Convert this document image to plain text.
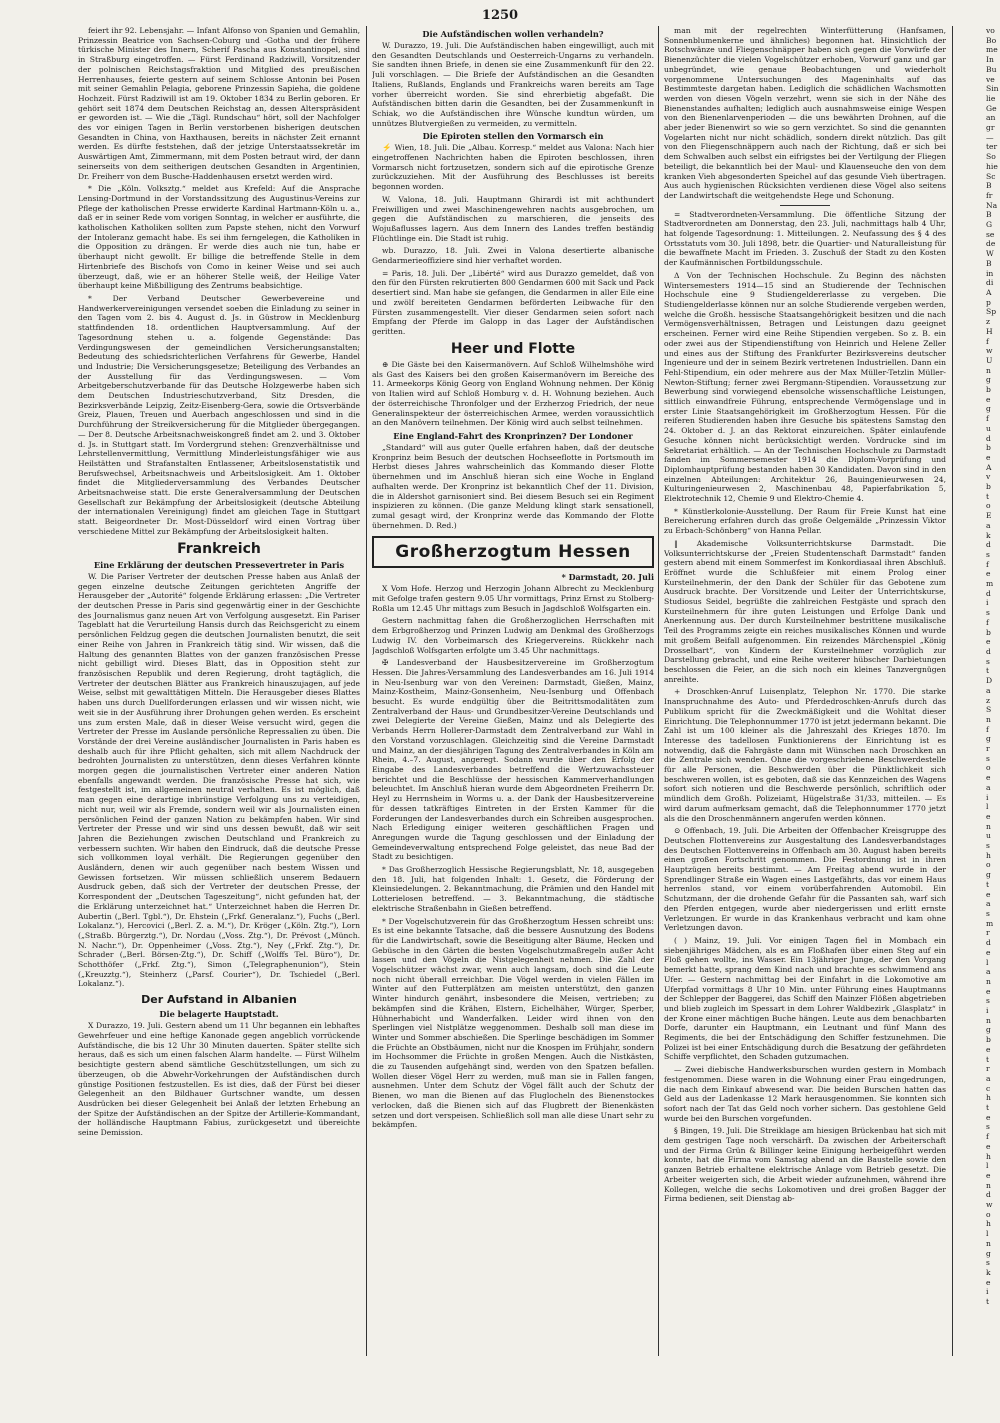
1250

feiert ihr 92. Lebensjahr. — Infant Alfonso von Spanien und Gemahlin, Prinzessin Beatrice von Sachsen-Coburg und -Gotha und der frühere türkische Minister des Innern, Scherif Pascha aus Konstantinopel, sind in Straßburg eingetroffen. — Fürst Ferdinand Radziwill, Vorsitzender der polnischen Reichstagsfraktion und Mitglied des preußischen Herrenhauses, feierte gestern auf seinem Schlosse Antonin bei Posen mit seiner Gemahlin Pelagia, geborene Prinzessin Sapieha, die goldene Hochzeit. Fürst Radziwill ist am 19. Oktober 1834 zu Berlin geboren. Er gehört seit 1874 dem Deutschen Reichstag an, dessen Alterspräsident er geworden ist. — Wie die „Tägl. Rundschau“ hört, soll der Nachfolger des vor einigen Tagen in Berlin verstorbenen bisherigen deutschen Gesandten in China, von Haxthausen, bereits in nächster Zeit ernannt werden. Es dürfte feststehen, daß der jetzige Unterstaatssekretär im Auswärtigen Amt, Zimmermann, mit dem Posten betraut wird, der dann seinerseits von dem seitherigen deutschen Gesandten in Argentinien, Dr. Freiherr von dem Busche-Haddenhausen ersetzt werden wird.

* Die „Köln. Volksztg.“ meldet aus Krefeld: Auf die Ansprache Lensing-Dortmund in der Vorstandssitzung des Augustinus-Vereins zur Pflege der katholischen Presse erwiderte Kardinal Hartmann-Köln u. a., daß er in seiner Rede vom vorigen Sonntag, in welcher er ausführte, die katholischen Katholiken sollten zum Papste stehen, nicht den Vorwurf der Intoleranz gemacht habe. Es sei ihm ferngelegen, die Katholiken in die Opposition zu drängen. Er werde dies auch nie tun, habe er überhaupt nicht gewollt. Er billige die betreffende Stelle in dem Hirtenbriefe des Bischofs von Como in keiner Weise und sei auch überzeugt, daß, wie er an höherer Stelle weiß, der Heilige Vater überhaupt keine Mißbilligung des Zentrums beabsichtige.

* Der Verband Deutscher Gewerbevereine und Handwerkervereinigungen versendet soeben die Einladung zu seiner in den Tagen vom 2. bis 4. August d. Js. in Güstrow in Mecklenburg stattfindenden 18. ordentlichen Hauptversammlung. Auf der Tagesordnung stehen u. a. folgende Gegenstände: Das Verdingungswesen der gemeindlichen Versicherungsanstalten; Bedeutung des schiedsrichterlichen Verfahrens für Gewerbe, Handel und Industrie; Die Versicherungsgesetze; Beteiligung des Verbandes an der Ausstellung für das Verdingungswesen. — Vom Arbeitgeberschutzverbande für das Deutsche Holzgewerbe haben sich dem Deutschen Industrieschutzverband, Sitz Dresden, die Bezirksverbände Leipzig, Zeitz-Eisenberg-Gera, sowie die Ortsverbände Greiz, Plauen, Treuen und Auerbach angeschlossen und sind in die Durchführung der Streikversicherung für die Mitglieder übergegangen. — Der 8. Deutsche Arbeitsnachweiskongreß findet am 2. und 3. Oktober d. Js. in Stuttgart statt. Im Vordergrund stehen: Grenzverhältnisse und Lehrstellenvermittlung, Vermittlung Minderleistungsfähiger wie aus Heilstätten und Strafanstalten Entlassener, Arbeitslosenstatistik und Berufswechsel, Arbeitsnachweis und Arbeitslosigkeit. Am 1. Oktober findet die Mitgliederversammlung des Verbandes Deutscher Arbeitsnachweise statt. Die erste Generalversammlung der Deutschen Gesellschaft zur Bekämpfung der Arbeitslosigkeit (deutsche Abteilung der internationalen Vereinigung) findet am gleichen Tage in Stuttgart statt. Beigeordneter Dr. Most-Düsseldorf wird einen Vortrag über verschiedene Mittel zur Bekämpfung der Arbeitslosigkeit halten.

Frankreich
Eine Erklärung der deutschen Pressevertreter in Paris

W. Die Pariser Vertreter der deutschen Presse haben aus Anlaß der gegen einzelne deutsche Zeitungen gerichteten Angriffe der Herausgeber der „Autorité“ folgende Erklärung erlassen: „Die Vertreter der deutschen Presse in Paris sind gegenwärtig einer in der Geschichte des Journalismus ganz neuen Art von Verfolgung ausgesetzt. Ein Pariser Tageblatt hat die Verurteilung Hansis durch das Reichsgericht zu einem persönlichen Feldzug gegen die deutschen Journalisten benutzt, die seit einer Reihe von Jahren in Frankreich tätig sind. Wir wissen, daß die Haltung des genannten Blattes von der ganzen französischen Presse nicht gebilligt wird. Dieses Blatt, das in Opposition steht zur französischen Republik und deren Regierung, droht tagtäglich, die Vertreter der deutschen Blätter aus Frankreich hinauszujagen, auf jede Weise, selbst mit gewalttätigen Mitteln. Die Herausgeber dieses Blattes haben uns durch Duellforderungen erlassen und wir wissen nicht, wie weit sie in der Ausführung ihrer Drohungen gehen werden. Es erscheint uns zum ersten Male, daß in dieser Weise versucht wird, gegen die Vertreter der Presse im Auslande persönliche Repressalien zu üben. Die Vorstände der drei Vereine ausländischer Journalisten in Paris haben es deshalb auch für ihre Pflicht gehalten, sich mit allem Nachdruck der bedrohten Journalisten zu unterstützen, denn dieses Verfahren könnte morgen gegen die journalistischen Vertreter einer anderen Nation ebenfalls angewandt werden. Die französische Presse hat sich, wie festgestellt ist, im allgemeinen neutral verhalten. Es ist möglich, daß man gegen eine derartige inbrünstige Verfolgung uns zu verteidigen, nicht nur, weil wir als Fremde, sondern weil wir als Journalisten einen persönlichen Feind der ganzen Nation zu bekämpfen haben. Wir sind Vertreter der Presse und wir sind uns dessen bewußt, daß wir seit Jahren die Beziehungen zwischen Deutschland und Frankreich zu verbessern suchten. Wir haben den Eindruck, daß die deutsche Presse sich vollkommen loyal verhält. Die Regierungen gegenüber den Ausländern, denen wir auch gegenüber nach bestem Wissen und Gewissen fortsetzen. Wir müssen schließlich unserem Bedauern Ausdruck geben, daß sich der Vertreter der deutschen Presse, der Korrespondent der „Deutschen Tageszeitung“, nicht gefunden hat, der die Erklärung unterzeichnet hat.“ Unterzeichnet haben die Herren Dr. Aubertin („Berl. Tgbl.“), Dr. Ehstein („Frkf. Generalanz.“), Fuchs („Berl. Lokalanz.“), Hercovici („Berl. Z. a. M.“), Dr. Kröger („Köln. Ztg.“), Lorn („Straßb. Bürgerztg.“), Dr. Nordau („Voss. Ztg.“), Dr. Prévost („Münch. N. Nachr.“), Dr. Oppenheimer („Voss. Ztg.“), Ney („Frkf. Ztg.“), Dr. Schrader („Berl. Börsen-Ztg.“), Dr. Schiff („Wolffs Tel. Büro“), Dr. Schotthöfer („Frkf. Ztg.“), Simon („Telegraphenunion“), Stein („Kreuzztg.“), Steinherz („Parsf. Courier“), Dr. Tschiedel („Berl. Lokalanz.“).

Der Aufstand in Albanien
Die belagerte Hauptstadt.

X Durazzo, 19. Juli. Gestern abend um 11 Uhr begannen ein lebhaftes Gewehrfeuer und eine heftige Kanonade gegen angeblich vorrückende Aufständische, die bis 12 Uhr 30 Minuten dauerten. Später stellte sich heraus, daß es sich um einen falschen Alarm handelte. — Fürst Wilhelm besichtigte gestern abend sämtliche Geschützstellungen, um sich zu überzeugen, ob die Abwehr-Vorkehrungen der Aufständischen durch günstige Positionen festzustellen. Es ist dies, daß der Fürst bei dieser Gelegenheit an den Bildhauer Gurtschner wandte, um dessen Ausdrücken bei dieser Gelegenheit bei Anlaß der letzten Erhebung an der Spitze der Aufständischen an der Spitze der Artillerie-Kommandant, der holländische Hauptmann Fabius, zurückgesetzt und übereichte seine Demission.

Die Aufständischen wollen verhandeln?

W. Durazzo, 19. Juli. Die Aufständischen haben eingewilligt, auch mit den Gesandten Deutschlands und Oesterreich-Ungarns zu verhandeln. Sie sandten ihnen Briefe, in denen sie eine Zusammenkunft für den 22. Juli vorschlagen. — Die Briefe der Aufständischen an die Gesandten Italiens, Rußlands, Englands und Frankreichs waren bereits am Tage vorher überreicht worden. Sie sind ehrerbietig abgefaßt. Die Aufständischen bitten darin die Gesandten, bei der Zusammenkunft in Schiak, wo die Aufständischen ihre Wünsche kundtun würden, um unnützes Blutvergießen zu vermeiden, zu vermitteln.

Die Epiroten stellen den Vormarsch ein

⚡ Wien, 18. Juli. Die „Albau. Korresp.“ meldet aus Valona: Nach hier eingetroffenen Nachrichten haben die Epiroten beschlossen, ihren Vormarsch nicht fortzusetzen, sondern sich auf die epirotische Grenze zurückzuziehen. Mit der Ausführung des Beschlusses ist bereits begonnen worden.

W. Valona, 18. Juli. Hauptmann Ghirardi ist mit achthundert Freiwilligen und zwei Maschinengewehren nachts ausgebrochen, um gegen die Aufständischen zu marschieren, die jenseits des Wojußaflusses lagern. Aus dem Innern des Landes treffen beständig Flüchtlinge ein. Die Stadt ist ruhig.

wb. Durazzo, 18. Juli. Zwei in Valona desertierte albanische Gendarmerieoffiziere sind hier verhaftet worden.

= Paris, 18. Juli. Der „Libérté“ wird aus Durazzo gemeldet, daß von den für den Fürsten rekrutierten 800 Gendarmen 600 mit Sack und Pack desertiert sind. Man habe sie gefangen, die Gendarmen in aller Eile eine und zwölf bereiteten Gendarmen beförderten Leibwache für den Fürsten zusammengestellt. Vier dieser Gendarmen seien sofort nach Empfang der Pferde im Galopp in das Lager der Aufständischen geritten.

Heer und Flotte

⊕ Die Gäste bei den Kaisermanövern. Auf Schloß Wilhelmshöhe wird als Gast des Kaisers bei den großen Kaisermanövern im Bereiche des 11. Armeekorps König Georg von England Wohnung nehmen. Der König von Italien wird auf Schloß Homburg v. d. H. Wohnung beziehen. Auch der österreichische Thronfolger und der Erzherzog Friedrich, der neue Generalinspekteur der österreichischen Armee, werden voraussichtlich an den Manövern teilnehmen. Der König wird auch selbst teilnehmen.

Eine England-Fahrt des Kronprinzen? Der Londoner

„Standard“ will aus guter Quelle erfahren haben, daß der deutsche Kronprinz beim Besuch der deutschen Hochseeflotte in Portsmouth im Herbst dieses Jahres wahrscheinlich das Kommando dieser Flotte übernehmen und im Anschluß hieran sich eine Woche in England aufhalten werde. Der Kronprinz ist bekanntlich Chef der 11. Division, die in Aldershot garnisoniert sind. Bei diesem Besuch sei ein Regiment inspizieren zu können. (Die ganze Meldung klingt stark sensationell, zumal gesagt wird, der Kronprinz werde das Kommando der Flotte übernehmen. D. Red.)

Großherzogtum Hessen
* Darmstadt, 20. Juli

X Vom Hofe. Herzog und Herzogin Johann Albrecht zu Mecklenburg mit Gefolge trafen gestern 9.05 Uhr vormittags, Prinz Ernst zu Stolberg-Roßla um 12.45 Uhr mittags zum Besuch in Jagdschloß Wolfsgarten ein.

Gestern nachmittag fahen die Großherzoglichen Herrschaften mit dem Erbgroßherzog und Prinzen Ludwig am Denkmal des Großherzogs Ludwig IV. den Vorbeimarsch des Kriegervereins. Rückkehr nach Jagdschloß Wolfsgarten erfolgte um 3.45 Uhr nachmittags.

✠ Landesverband der Hausbesitzervereine im Großherzogtum Hessen. Die Jahres-Versammlung des Landesverbandes am 16. Juli 1914 in Neu-Isenburg war von den Vereinen: Darmstadt, Gießen, Mainz, Mainz-Kostheim, Mainz-Gonsenheim, Neu-Isenburg und Offenbach besucht. Es wurde endgültig über die Beitrittsmodalitäten zum Zentralverband der Haus- und Grundbesitzer-Vereine Deutschlands und zwei Delegierte der Vereine Gießen, Mainz und als Delegierte des Verbands Herrn Hollerer-Darmstadt dem Zentralverband zur Wahl in den Vorstand vorzuschlagen. Gleichzeitig sind die Vereine Darmstadt und Mainz, an der diesjährigen Tagung des Zentralverbandes in Köln am Rhein, 4.–7. August, angeregt. Sodann wurde über den Erfolg der Eingabe des Landesverbandes betreffend die Wertzuwachssteuer berichtet und die Beschlüsse der hessischen Kammerverhandlungen beleuchtet. Im Anschluß hieran wurde dem Abgeordneten Freiherrn Dr. Heyl zu Herrnsheim in Worms u. a. der Dank der Hausbesitzervereine für dessen tatkräftiges Eintreten in der Ersten Kammer für die Forderungen der Landesverbandes durch ein Schreiben ausgesprochen. Nach Erledigung einiger weiteren geschäftlichen Fragen und Anregungen wurde die Tagung geschlossen und der Einladung der Gemeindeverwaltung entsprechend Folge geleistet, das neue Bad der Stadt zu besichtigen.

* Das Großherzoglich Hessische Regierungsblatt, Nr. 18, ausgegeben den 18. Juli, hat folgenden Inhalt: 1. Gesetz, die Förderung der Kleinsiedelungen. 2. Bekanntmachung, die Prämien und den Handel mit Lotterielosen betreffend. — 3. Bekanntmachung, die städtische elektrische Straßenbahn in Gießen betreffend.

* Der Vogelschutzverein für das Großherzogtum Hessen schreibt uns: Es ist eine bekannte Tatsache, daß die bessere Ausnutzung des Bodens für die Landwirtschaft, sowie die Beseitigung alter Bäume, Hecken und Gebüsche in den Gärten die besten Vogelschutzmaßregeln außer Acht lassen und den Vögeln die Nistgelegenheit nehmen. Die Zahl der Vogelschützer wächst zwar, wenn auch langsam, doch sind die Leute noch nicht überall erreichbar. Die Vögel werden in vielen Fällen im Winter auf den Futterplätzen am meisten unterstützt, den ganzen Winter hindurch genährt, insbesondere die Meisen, vertrieben; zu bekämpfen sind die Krähen, Elstern, Eichelhäher, Würger, Sperber, Hühnerhabicht und Wanderfalken. Leider wird ihnen von den Sperlingen viel Nistplätze weggenommen. Deshalb soll man diese im Winter und Sommer abschießen. Die Sperlinge beschädigen im Sommer die Früchte an Obstbäumen, nicht nur die Knospen im Frühjahr, sondern im Hochsommer die Früchte in großen Mengen. Auch die Nistkästen, die zu Tausenden aufgehängt sind, werden von den Spatzen befallen. Wollen dieser Vögel Herr zu werden, muß man sie in Fallen fangen, ausnehmen. Unter dem Schutz der Vögel fällt auch der Schutz der Bienen, wo man die Bienen auf das Fluglocheln des Bienenstockes verlocken, daß die Bienen sich auf das Flugbrett der Bienenkästen setzen und dort verspeisen. Schließlich soll man alle diese Unart sehr zu bekämpfen.

man mit der regelrechten Winterfütterung (Hanfsamen, Sonnenblumenkerne und ähnliches) begonnen hat. Hinsichtlich der Rotschwänze und Fliegenschnäpper haben sich gegen die Vorwürfe der Bienenzüchter die vielen Vogelschützer erhoben, Vorwurf ganz und gar unbegründet, wie genaue Beobachtungen und wiederholt vorgenommene Untersuchungen des Mageninhalts auf das Bestimmteste dargetan haben. Lediglich die schädlichen Wachsmotten werden von diesen Vögeln verzehrt, wenn sie sich in der Nähe des Bienenstandes aufhalten; lediglich auch ausnahmsweise einige Wespen von den Bienenlarvenperioden — die uns bewährten Drohnen, auf die aber jeder Bienenwirt so wie so gern verzichtet. So sind die genannten Vogelarten nicht nur nicht schädlich, sondern direkt nützlich. Das gilt von den Fliegenschnäppern auch nach der Richtung, daß er sich bei dem Schwalben auch selbst ein eifrigstes bei der Vertilgung der Fliegen beteiligt, die bekanntlich bei der Maul- und Klauenseuche den von dem kranken Vieh abgesonderten Speichel auf das gesunde Vieh übertragen. Aus auch hygienischen Rücksichten verdienen diese Vögel also seitens der Landwirtschaft die weitgehendste Hege und Schonung.

= Stadtverordneten-Versammlung. Die öffentliche Sitzung der Stadtverordneten am Donnerstag, den 23. Juli, nachmittags halb 4 Uhr, hat folgende Tagesordnung: 1. Mitteilungen. 2. Neufassung des § 4 des Ortsstatuts vom 30. Juli 1898, betr. die Quartier- und Naturalleistung für die bewaffnete Macht im Frieden. 3. Zuschuß der Stadt zu den Kosten der Kaufmännischen Fortbildungsschule.

Δ Von der Technischen Hochschule. Zu Beginn des nächsten Wintersemesters 1914—15 sind an Studierende der Technischen Hochschule eine 9 Studiengeldererlasse zu vergeben. Die Studiengelderlasse können nur an solche Studierende vergeben werden, welche die Großh. hessische Staatsangehörigkeit besitzen und die nach Vermögensverhältnissen, Betragen und Leistungen dazu geeignet erscheinen. Ferner wird eine Reihe Stipendien vergeben. So z. B. ein oder zwei aus der Stipendienstiftung von Heinrich und Helene Zeller und eines aus der Stiftung des Frankfurter Bezirksvereins deutscher Ingenieure und der in seinem Bezirk vertretenen Industriellen. Dann ein Fehl-Stipendium, ein oder mehrere aus der Max Müller-Tetzlin Müller-Newton-Stiftung; ferner zwei Bergmann-Stipendien. Voraussetzung zur Bewerbung sind vorwiegend ebensolche wissenschaftliche Leistungen, sittlich einwandfreie Führung, entsprechende Vermögenslage und in erster Linie Staatsangehörigkeit im Großherzogtum Hessen. Für die reiferen Studierenden haben ihre Gesuche bis spätestens Samstag den 24. Oktober d. J. an das Rektorat einzureichen. Später einlaufende Gesuche können nicht berücksichtigt werden. Vordrucke sind im Sekretariat erhältlich. — An der Technischen Hochschule zu Darmstadt fanden im Sommersemester 1914 die Diplom-Vorprüfung und Diplomhauptprüfung bestanden haben 30 Kandidaten. Davon sind in den einzelnen Abteilungen: Architektur 26, Bauingenieurwesen 24, Kulturingenieurwesen 2, Maschinenbau 48, Papierfabrikation 5, Elektrotechnik 12, Chemie 9 und Elektro-Chemie 4.

* Künstlerkolonie-Ausstellung. Der Raum für Freie Kunst hat eine Bereicherung erfahren durch das große Oelgemälde „Prinzessin Viktor zu Erbach-Schönberg“ von Hanna Pellar.

‖ Akademische Volksunterrichtskurse Darmstadt. Die Volksunterrichtskurse der „Freien Studentenschaft Darmstadt“ fanden gestern abend mit einem Sommerfest im Konkordiasaal ihren Abschluß. Eröffnet wurde die Schlußfeier mit einem Prolog einer Kursteilnehmerin, der den Dank der Schüler für das Gebotene zum Ausdruck brachte. Der Vorsitzende und Leiter der Unterrichtskurse, Studiosus Seidel, begrüßte die zahlreichen Festgäste und sprach den Kursteilnehmern für ihre guten Leistungen und Erfolge Dank und Anerkennung aus. Der durch Kursteilnehmer bestrittene musikalische Teil des Programms zeigte ein reiches musikalisches Können und wurde mit großem Beifall aufgenommen. Ein reizendes Märchenspiel „König Drosselbart“, von Kindern der Kursteilnehmer vorzüglich zur Darstellung gebracht, und eine Reihe weiterer hübscher Darbietungen beschlossen die Feier, an die sich noch ein kleines Tanzvergnügen anreihte.

+ Droschken-Anruf Luisenplatz, Telephon Nr. 1770. Die starke Inanspruchnahme des Auto- und Pferdedroschken-Anrufs durch das Publikum spricht für die Zweckmäßigkeit und die Wohltat dieser Einrichtung. Die Telephonnummer 1770 ist jetzt jedermann bekannt. Die Zahl ist um 100 kleiner als die Jahreszahl des Krieges 1870. Im Interesse des tadellosen Funktionierens der Einrichtung ist es notwendig, daß die Fahrgäste dann mit Wünschen nach Droschken an die Zentrale sich wenden. Ohne die vorgeschriebene Beschwerdestelle für alle Personen, die Beschwerden über die Pünktlichkeit sich beschweren wollen, ist es geboten, daß sie das Kennzeichen des Wagens sofort sich notieren und die Beschwerde persönlich, schriftlich oder mündlich dem Großh. Polizeiamt, Hügelstraße 31/33, mitteilen. — Es wird darum aufmerksam gemacht, daß die Telephonnummer 1770 jetzt als die den Droschenmännern angerufen werden können.

⊙ Offenbach, 19. Juli. Die Arbeiten der Offenbacher Kreisgruppe des Deutschen Flottenvereins zur Ausgestaltung des Landesverbandstages des Deutschen Flottenvereins in Offenbach am 30. August haben bereits einen großen Fortschritt genommen. Die Festordnung ist in ihren Hauptzügen bereits bestimmt. — Am Freitag abend wurde in der Sprendlinger Straße ein Wagen eines Lastgefährts, das vor einem Haus herrenlos stand, vor einem vorüberfahrenden Automobil. Ein Schutzmann, der die drohende Gefahr für die Passanten sah, warf sich den Pferden entgegen, wurde aber niedergerissen und erlitt ernste Verletzungen. Er wurde in das Krankenhaus verbracht und kam ohne Verletzungen davon.

( ) Mainz, 19. Juli. Vor einigen Tagen fiel in Mombach ein siebenjähriges Mädchen, als es am Floßhafen über einen Steg auf ein Floß gehen wollte, ins Wasser. Ein 13jähriger Junge, der den Vorgang bemerkt hatte, sprang dem Kind nach und brachte es schwimmend ans Ufer. — Gestern nachmittag bei der Einfahrt in die Lokomotive am Uferpfad vormittags 8 Uhr 10 Min. unter Führung eines Hauptmanns der Schlepper der Baggerei, das Schiff den Mainzer Flößen abgetrieben und blieb zugleich im Spessart in dem Lohrer Waldbezirk „Glasplatz“ in der Krone einer mächtigen Buche hängen. Leute aus dem benachbarten Dorfe, darunter ein Hauptmann, ein Leutnant und fünf Mann des Regiments, die bei der Entschädigung den Schiffer festzunehmen. Die Polizei ist bei einer Entschädigung durch die Besatzung der gefährdeten Schiffe verpflichtet, den Schaden gutzumachen.

— Zwei diebische Handwerksburschen wurden gestern in Mombach festgenommen. Diese waren in die Wohnung einer Frau eingedrungen, die nach dem Einkauf abwesend war. Die beiden Burschen hatten das Geld aus der Ladenkasse 12 Mark herausgenommen. Sie konnten sich sofort nach der Tat das Geld noch vorher sichern. Das gestohlene Geld wurde bei den Burschen vorgefunden.

§ Bingen, 19. Juli. Die Streiklage am hiesigen Brückenbau hat sich mit dem gestrigen Tage noch verschärft. Da zwischen der Arbeiterschaft und der Firma Grün & Billinger keine Einigung herbeigeführt werden konnte, hat die Firma vom Samstag abend an die Baustelle sowie den ganzen Betrieb erhaltene elektrische Anlage vom Betrieb gesetzt. Die Arbeiter weigerten sich, die Arbeit wieder aufzunehmen, während ihre Kollegen, welche die sechs Lokomotiven und drei großen Bagger der Firma bedienen, seit Dienstag ab-

vo
Bo
me
In
Bu
ve
Sin
lie
Ge
an
gr
—
ter
So
hie
Sc
B
fr
Na
B
G
se
de
W
B
in
di
A
p
Sp
z
H
f
w
U
n
g
b
e
g
f
u
d
b
e
A
v
b
t
o
E
a
k
d
s
f
e
m
d
i
s
f
b
e
d
s
t
D
a
z
S
n
f
g
r
s
o
e
a
i
l
e
n
u
s
h
o
g
t
e
a
s
m
r
d
e
l
a
n
e
s
i
n
g
b
e
t
r
a
c
h
t
e
s
f
e
h
l
e
n
d
w
o
h
l
n
g
s
k
e
i
t
